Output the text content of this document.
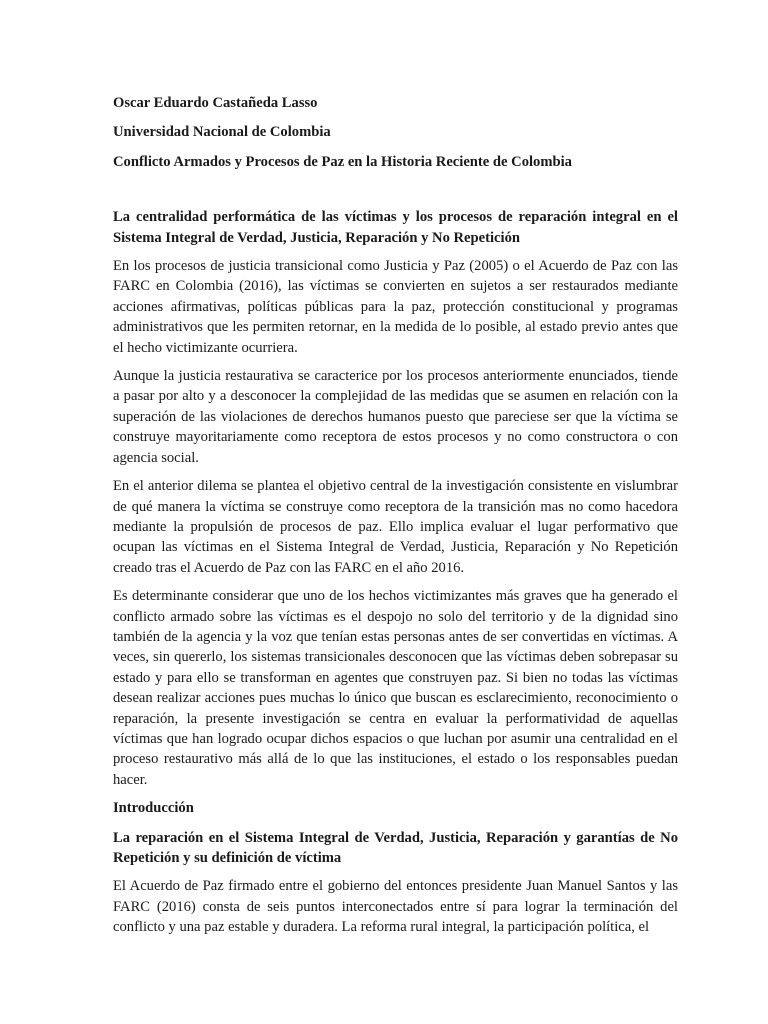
Oscar Eduardo Castañeda Lasso

Universidad Nacional de Colombia

Conflicto Armados y Procesos de Paz en la Historia Reciente de Colombia

La centralidad performática de las víctimas y los procesos de reparación integral en el Sistema Integral de Verdad, Justicia, Reparación y No Repetición

En los procesos de justicia transicional como Justicia y Paz (2005) o el Acuerdo de Paz con las FARC en Colombia (2016), las víctimas se convierten en sujetos a ser restaurados mediante acciones afirmativas, políticas públicas para la paz, protección constitucional y programas administrativos que les permiten retornar, en la medida de lo posible, al estado previo antes que el hecho victimizante ocurriera.

Aunque la justicia restaurativa se caracterice por los procesos anteriormente enunciados, tiende a pasar por alto y a desconocer la complejidad de las medidas que se asumen en relación con la superación de las violaciones de derechos humanos puesto que pareciese ser que la víctima se construye mayoritariamente como receptora de estos procesos y no como constructora o con agencia social.

En el anterior dilema se plantea el objetivo central de la investigación consistente en vislumbrar de qué manera la víctima se construye como receptora de la transición mas no como hacedora mediante la propulsión de procesos de paz. Ello implica evaluar el lugar performativo que ocupan las víctimas en el Sistema Integral de Verdad, Justicia, Reparación y No Repetición creado tras el Acuerdo de Paz con las FARC en el año 2016.

Es determinante considerar que uno de los hechos victimizantes más graves que ha generado el conflicto armado sobre las víctimas es el despojo no solo del territorio y de la dignidad sino también de la agencia y la voz que tenían estas personas antes de ser convertidas en víctimas. A veces, sin quererlo, los sistemas transicionales desconocen que las víctimas deben sobrepasar su estado y para ello se transforman en agentes que construyen paz. Si bien no todas las víctimas desean realizar acciones pues muchas lo único que buscan es esclarecimiento, reconocimiento o reparación, la presente investigación se centra en evaluar la performatividad de aquellas víctimas que han logrado ocupar dichos espacios o que luchan por asumir una centralidad en el proceso restaurativo más allá de lo que las instituciones, el estado o los responsables puedan hacer.

Introducción

La reparación en el Sistema Integral de Verdad, Justicia, Reparación y garantías de No Repetición y su definición de víctima

El Acuerdo de Paz firmado entre el gobierno del entonces presidente Juan Manuel Santos y las FARC (2016) consta de seis puntos interconectados entre sí para lograr la terminación del conflicto y una paz estable y duradera. La reforma rural integral, la participación política, el
